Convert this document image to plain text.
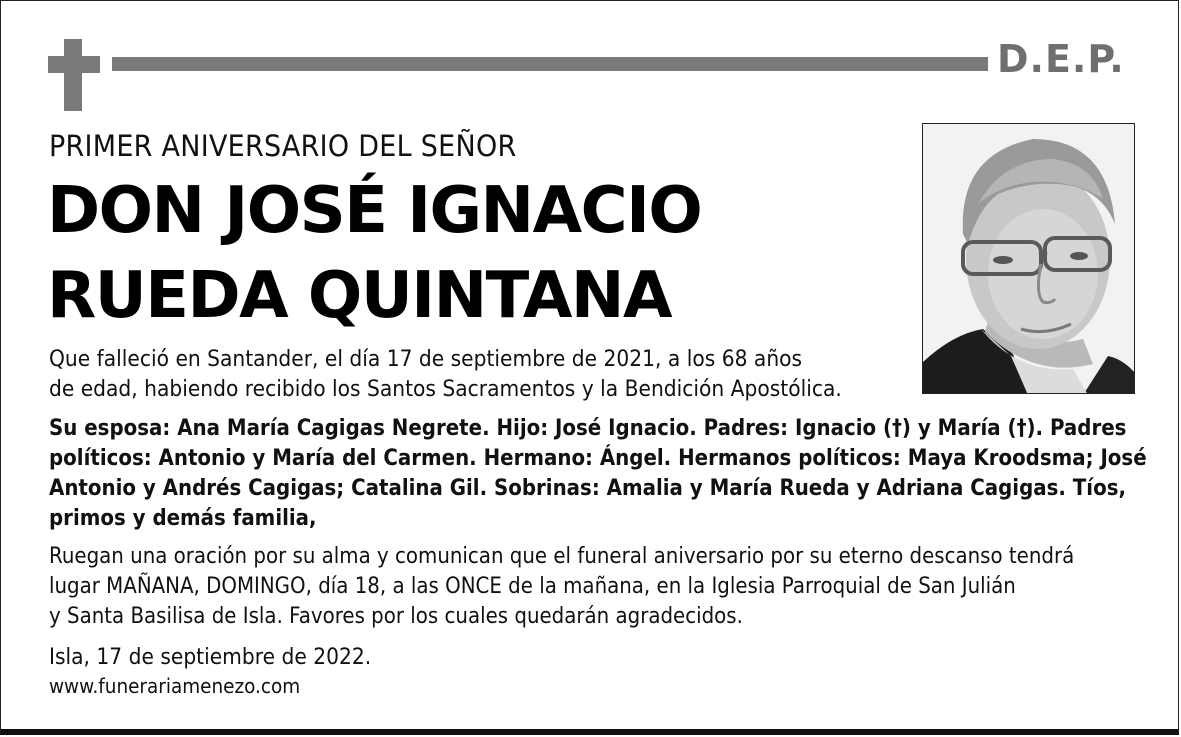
D.E.P.
PRIMER ANIVERSARIO DEL SEÑOR
DON JOSÉ IGNACIO
RUEDA QUINTANA
Que falleció en Santander, el día 17 de septiembre de 2021, a los 68 años
de edad, habiendo recibido los Santos Sacramentos y la Bendición Apostólica.
Su esposa: Ana María Cagigas Negrete. Hijo: José Ignacio. Padres: Ignacio (†) y María (†). Padres
políticos: Antonio y María del Carmen. Hermano: Ángel. Hermanos políticos: Maya Kroodsma; José
Antonio y Andrés Cagigas; Catalina Gil. Sobrinas: Amalia y María Rueda y Adriana Cagigas. Tíos,
primos y demás familia,
Ruegan una oración por su alma y comunican que el funeral aniversario por su eterno descanso tendrá
lugar MAÑANA, DOMINGO, día 18, a las ONCE de la mañana, en la Iglesia Parroquial de San Julián
y Santa Basilisa de Isla. Favores por los cuales quedarán agradecidos.
Isla, 17 de septiembre de 2022.
www.funerariamenezo.com
